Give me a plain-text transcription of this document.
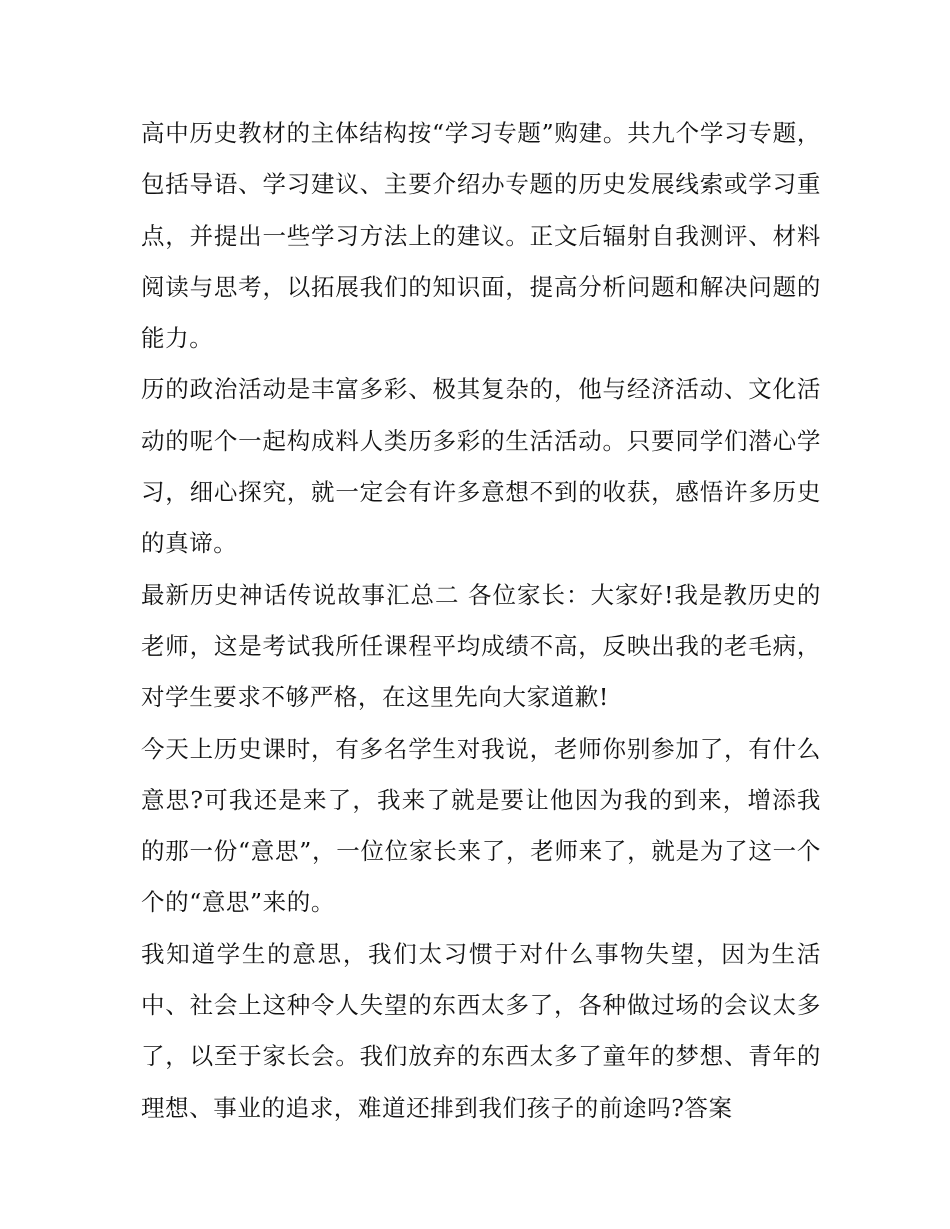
高中历史教材的主体结构按“学习专题”购建。共九个学习专题，包括导语、学习建议、主要介绍办专题的历史发展线索或学习重点，并提出一些学习方法上的建议。正文后辐射自我测评、材料阅读与思考，以拓展我们的知识面，提高分析问题和解决问题的能力。

历的政治活动是丰富多彩、极其复杂的，他与经济活动、文化活动的呢个一起构成料人类历多彩的生活活动。只要同学们潜心学习，细心探究，就一定会有许多意想不到的收获，感悟许多历史的真谛。

最新历史神话传说故事汇总二 各位家长：大家好!我是教历史的老师，这是考试我所任课程平均成绩不高，反映出我的老毛病，对学生要求不够严格，在这里先向大家道歉!

今天上历史课时，有多名学生对我说，老师你别参加了，有什么意思?可我还是来了，我来了就是要让他因为我的到来，增添我的那一份“意思”，一位位家长来了，老师来了，就是为了这一个个的“意思”来的。

我知道学生的意思，我们太习惯于对什么事物失望，因为生活中、社会上这种令人失望的东西太多了，各种做过场的会议太多了，以至于家长会。我们放弃的东西太多了童年的梦想、青年的理想、事业的追求，难道还排到我们孩子的前途吗?答案
